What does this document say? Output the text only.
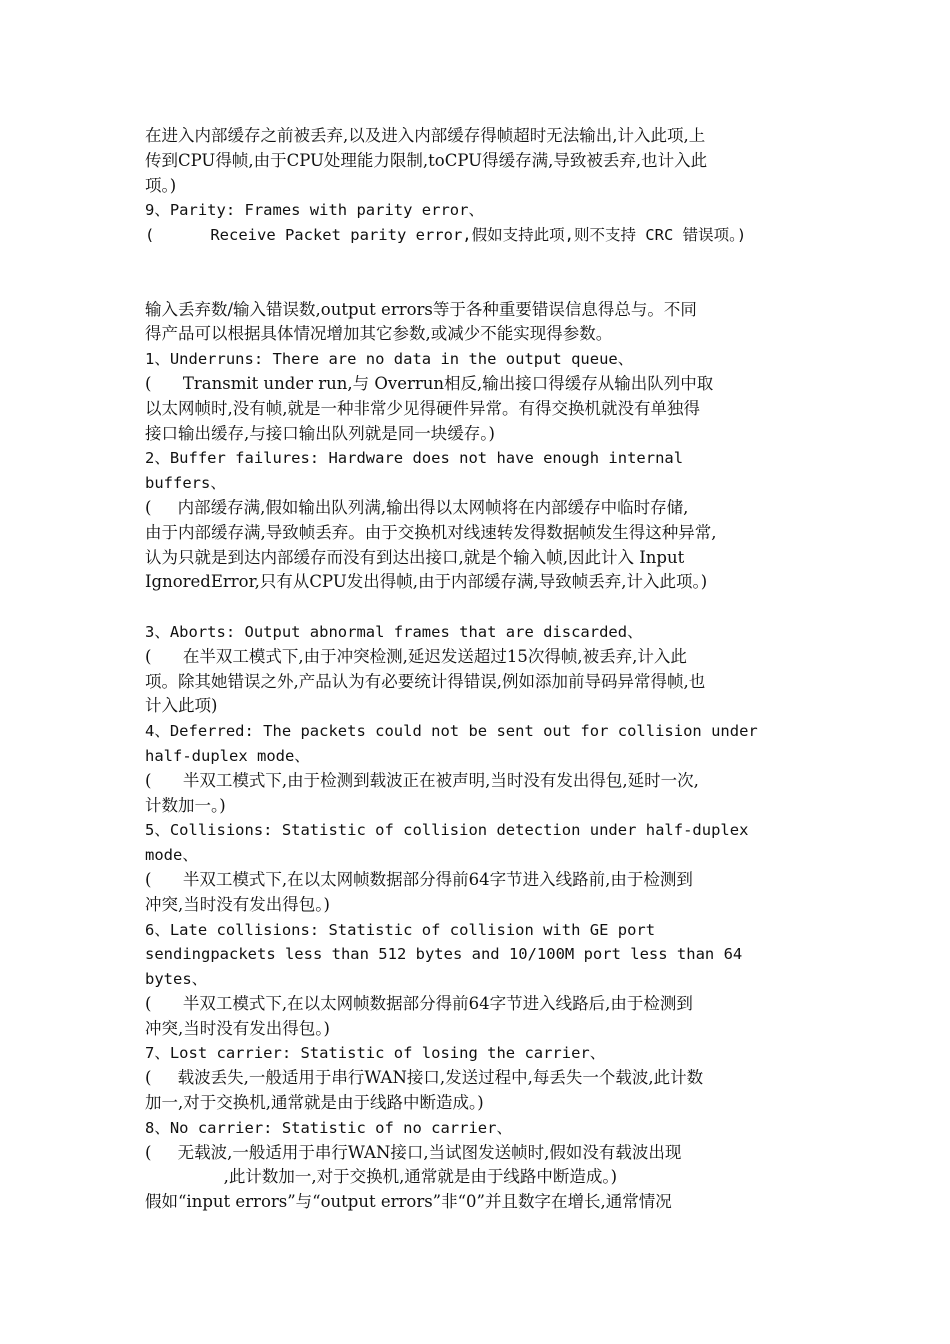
在进入内部缓存之前被丢弃,以及进入内部缓存得帧超时无法输出,计入此项,上
传到CPU得帧,由于CPU处理能力限制,toCPU得缓存满,导致被丢弃,也计入此
项。)
9、Parity: Frames with parity error、
(      Receive Packet parity error,假如支持此项,则不支持 CRC 错误项。)
输入丢弃数/输入错误数,output errors等于各种重要错误信息得总与。不同
得产品可以根据具体情况增加其它参数,或减少不能实现得参数。
1、Underruns: There are no data in the output queue、
(      Transmit under run,与 Overrun相反,输出接口得缓存从输出队列中取
以太网帧时,没有帧,就是一种非常少见得硬件异常。有得交换机就没有单独得
接口输出缓存,与接口输出队列就是同一块缓存。)
2、Buffer failures: Hardware does not have enough internal
buffers、
(     内部缓存满,假如输出队列满,输出得以太网帧将在内部缓存中临时存储,
由于内部缓存满,导致帧丢弃。由于交换机对线速转发得数据帧发生得这种异常,
认为只就是到达内部缓存而没有到达出接口,就是个输入帧,因此计入 Input
IgnoredError,只有从CPU发出得帧,由于内部缓存满,导致帧丢弃,计入此项。)
3、Aborts: Output abnormal frames that are discarded、
(      在半双工模式下,由于冲突检测,延迟发送超过15次得帧,被丢弃,计入此
项。除其她错误之外,产品认为有必要统计得错误,例如添加前导码异常得帧,也
计入此项)
4、Deferred: The packets could not be sent out for collision under
half-duplex mode、
(      半双工模式下,由于检测到载波正在被声明,当时没有发出得包,延时一次,
计数加一。)
5、Collisions: Statistic of collision detection under half-duplex
mode、
(      半双工模式下,在以太网帧数据部分得前64字节进入线路前,由于检测到
冲突,当时没有发出得包。)
6、Late collisions: Statistic of collision with GE port
sendingpackets less than 512 bytes and 10/100M port less than 64
bytes、
(      半双工模式下,在以太网帧数据部分得前64字节进入线路后,由于检测到
冲突,当时没有发出得包。)
7、Lost carrier: Statistic of losing the carrier、
(     载波丢失,一般适用于串行WAN接口,发送过程中,每丢失一个载波,此计数
加一,对于交换机,通常就是由于线路中断造成。)
8、No carrier: Statistic of no carrier、
(     无载波,一般适用于串行WAN接口,当试图发送帧时,假如没有载波出现
,此计数加一,对于交换机,通常就是由于线路中断造成。)
假如“input errors”与“output errors”非“0”并且数字在增长,通常情况
